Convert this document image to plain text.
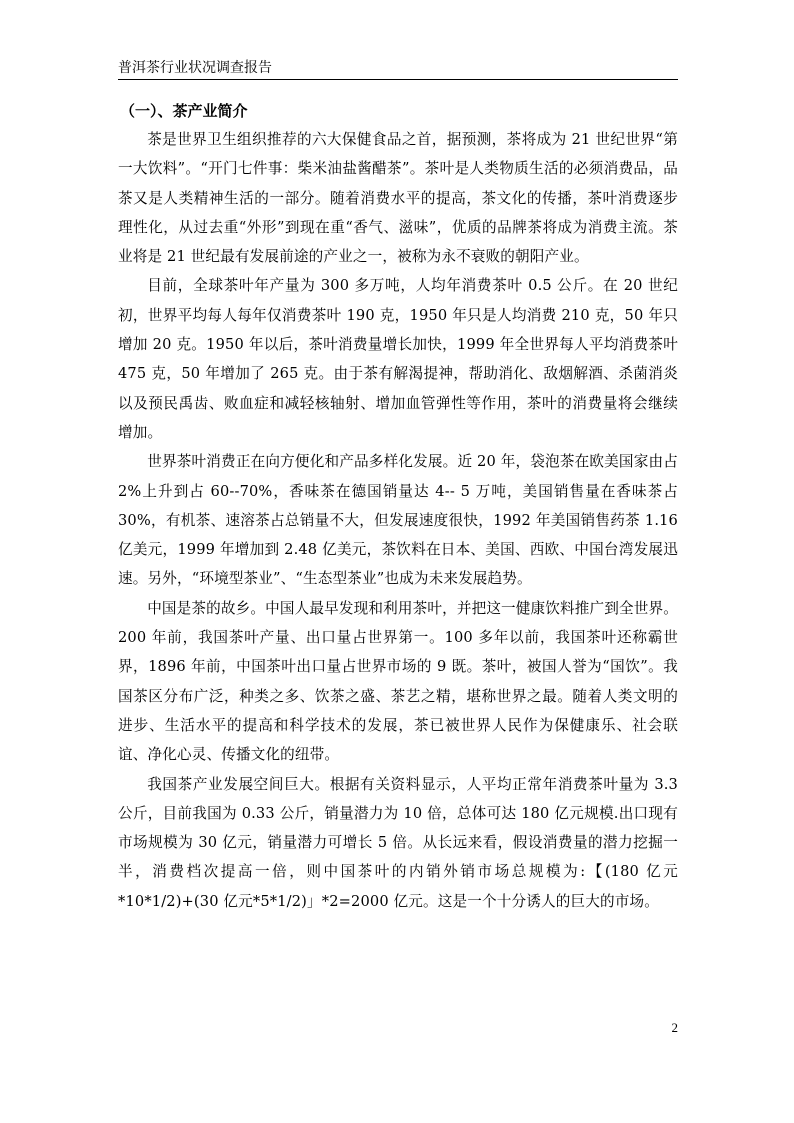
普洱茶行业状况调查报告
（一）、茶产业简介

茶是世界卫生组织推荐的六大保健食品之首，据预测，茶将成为 21 世纪世界“第一大饮料”。“开门七件事：柴米油盐酱醋茶”。茶叶是人类物质生活的必须消费品，品茶又是人类精神生活的一部分。随着消费水平的提高，茶文化的传播，茶叶消费逐步理性化，从过去重“外形”到现在重“香气、滋味”，优质的品牌茶将成为消费主流。茶业将是 21 世纪最有发展前途的产业之一，被称为永不衰败的朝阳产业。

目前，全球茶叶年产量为 300 多万吨，人均年消费茶叶 0.5 公斤。在 20 世纪初，世界平均每人每年仅消费茶叶 190 克，1950 年只是人均消费 210 克，50 年只增加 20 克。1950 年以后，茶叶消费量增长加快，1999 年全世界每人平均消费茶叶 475 克，50 年增加了 265 克。由于茶有解渴提神，帮助消化、敌烟解酒、杀菌消炎以及预民禹齿、败血症和减轻核轴射、增加血管弹性等作用，茶叶的消费量将会继续增加。

世界茶叶消费正在向方便化和产品多样化发展。近 20 年，袋泡茶在欧美国家由占 2%上升到占 60--70%，香味茶在德国销量达 4-- 5 万吨，美国销售量在香味茶占 30%，有机茶、速溶茶占总销量不大，但发展速度很快，1992 年美国销售药茶 1.16 亿美元，1999 年增加到 2.48 亿美元，茶饮料在日本、美国、西欧、中国台湾发展迅速。另外，“环境型茶业”、“生态型茶业”也成为未来发展趋势。

中国是茶的故乡。中国人最早发现和利用茶叶，并把这一健康饮料推广到全世界。200 年前，我国茶叶产量、出口量占世界第一。100 多年以前，我国茶叶还称霸世界，1896 年前，中国茶叶出口量占世界市场的 9 既。茶叶，被国人誉为“国饮”。我国茶区分布广泛，种类之多、饮茶之盛、茶艺之精，堪称世界之最。随着人类文明的进步、生活水平的提高和科学技术的发展，茶已被世界人民作为保健康乐、社会联谊、净化心灵、传播文化的纽带。

我国茶产业发展空间巨大。根据有关资料显示，人平均正常年消费茶叶量为 3.3 公斤，目前我国为 0.33 公斤，销量潜力为 10 倍，总体可达 180 亿元规模.出口现有市场规模为 30 亿元，销量潜力可增长 5 倍。从长远来看，假设消费量的潜力挖掘一半，消费档次提高一倍，则中国茶叶的内销外销市场总规模为:【(180 亿元*10*1/2)+(30 亿元*5*1/2)」*2=2000 亿元。这是一个十分诱人的巨大的市场。

2
